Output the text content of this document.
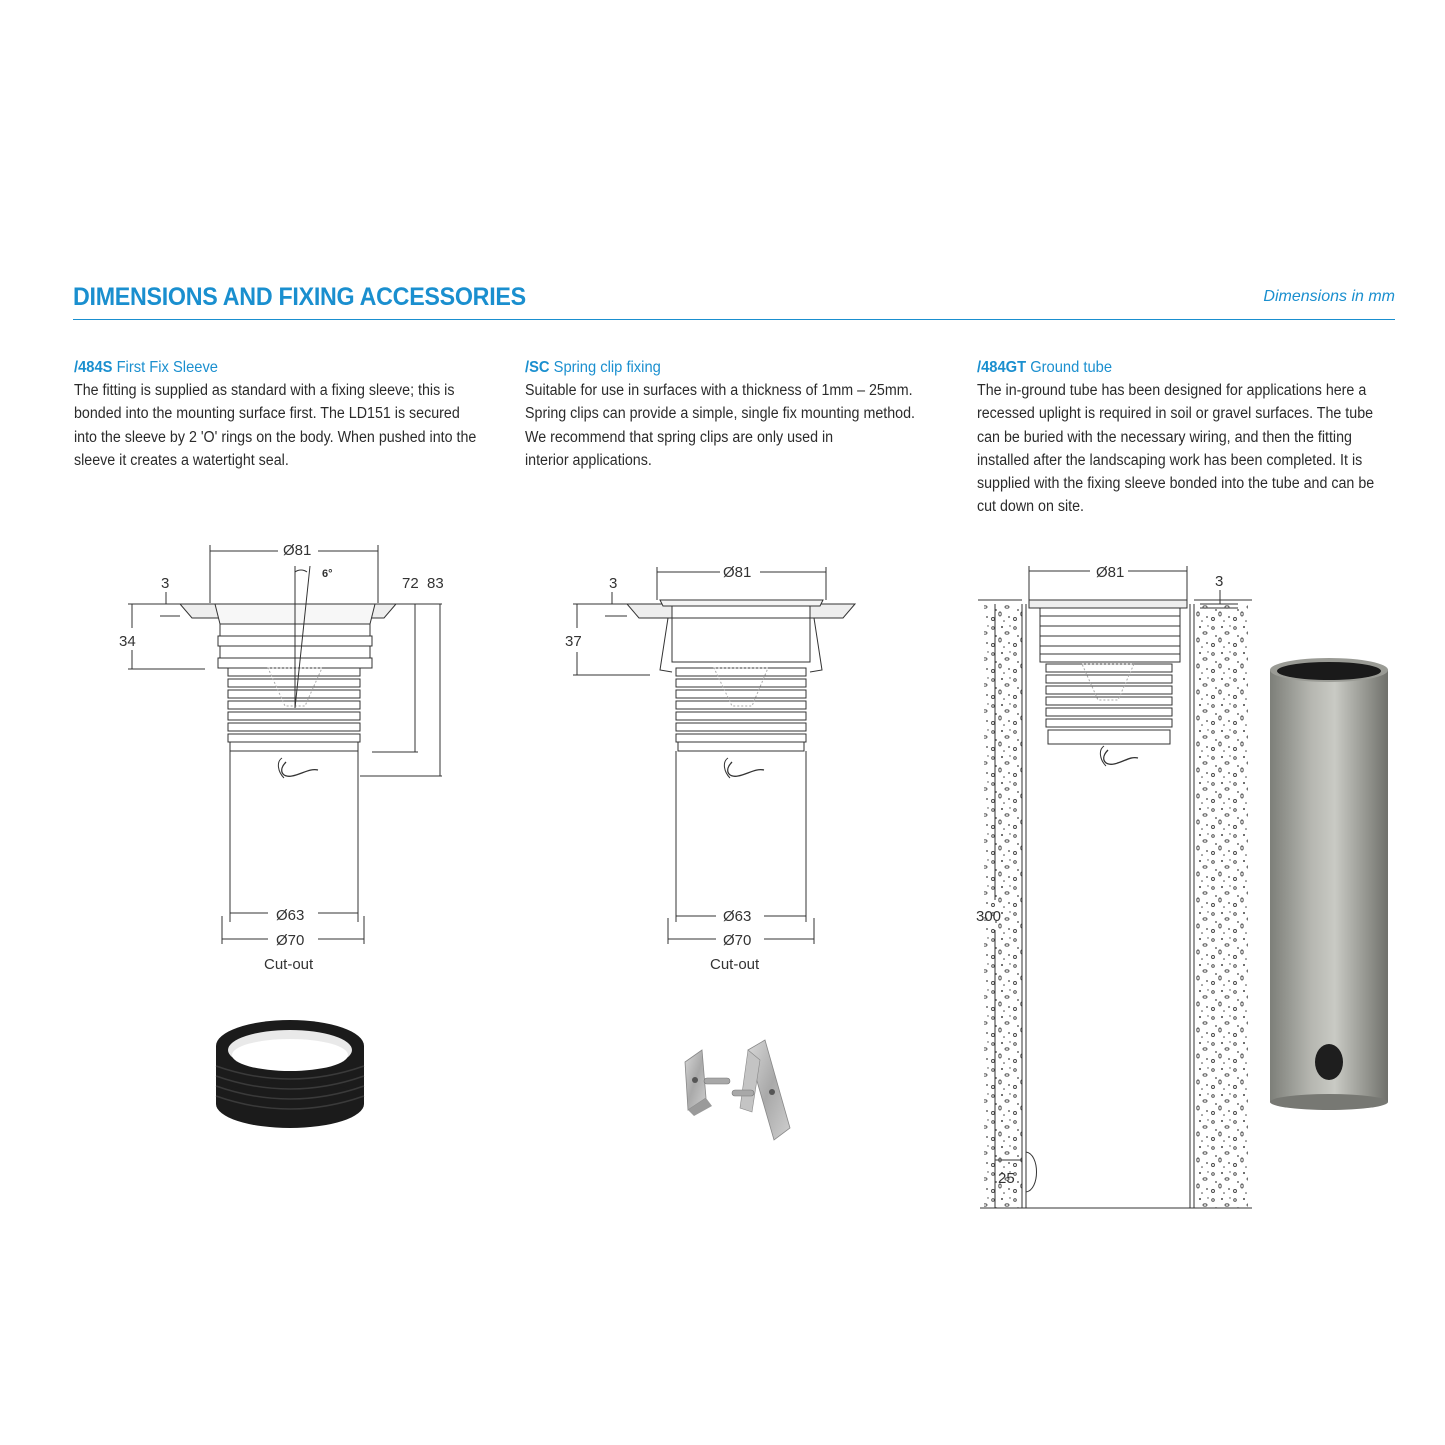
DIMENSIONS AND FIXING ACCESSORIES	Dimensions in mm
/484S First Fix Sleeve

The fitting is supplied as standard with a fixing sleeve; this is
bonded into the mounting surface first. The LD151 is secured
into the sleeve by 2 'O' rings on the body. When pushed into the
sleeve it creates a watertight seal.

/SC Spring clip fixing

Suitable for use in surfaces with a thickness of 1mm – 25mm.
Spring clips can provide a simple, single fix mounting method.
We recommend that spring clips are only used in
interior applications.

/484GT Ground tube

The in-ground tube has been designed for applications here a
recessed uplight is required in soil or gravel surfaces. The tube
can be buried with the necessary wiring, and then the fitting
installed after the landscaping work has been completed. It is
supplied with the fixing sleeve bonded into the tube and can be
cut down on site.

Ø81
6°
3
34
72 83
Ø63
Ø70
Cut-out
Ø81
3
37
Ø63
Ø70
Cut-out
Ø81
3
300
25
